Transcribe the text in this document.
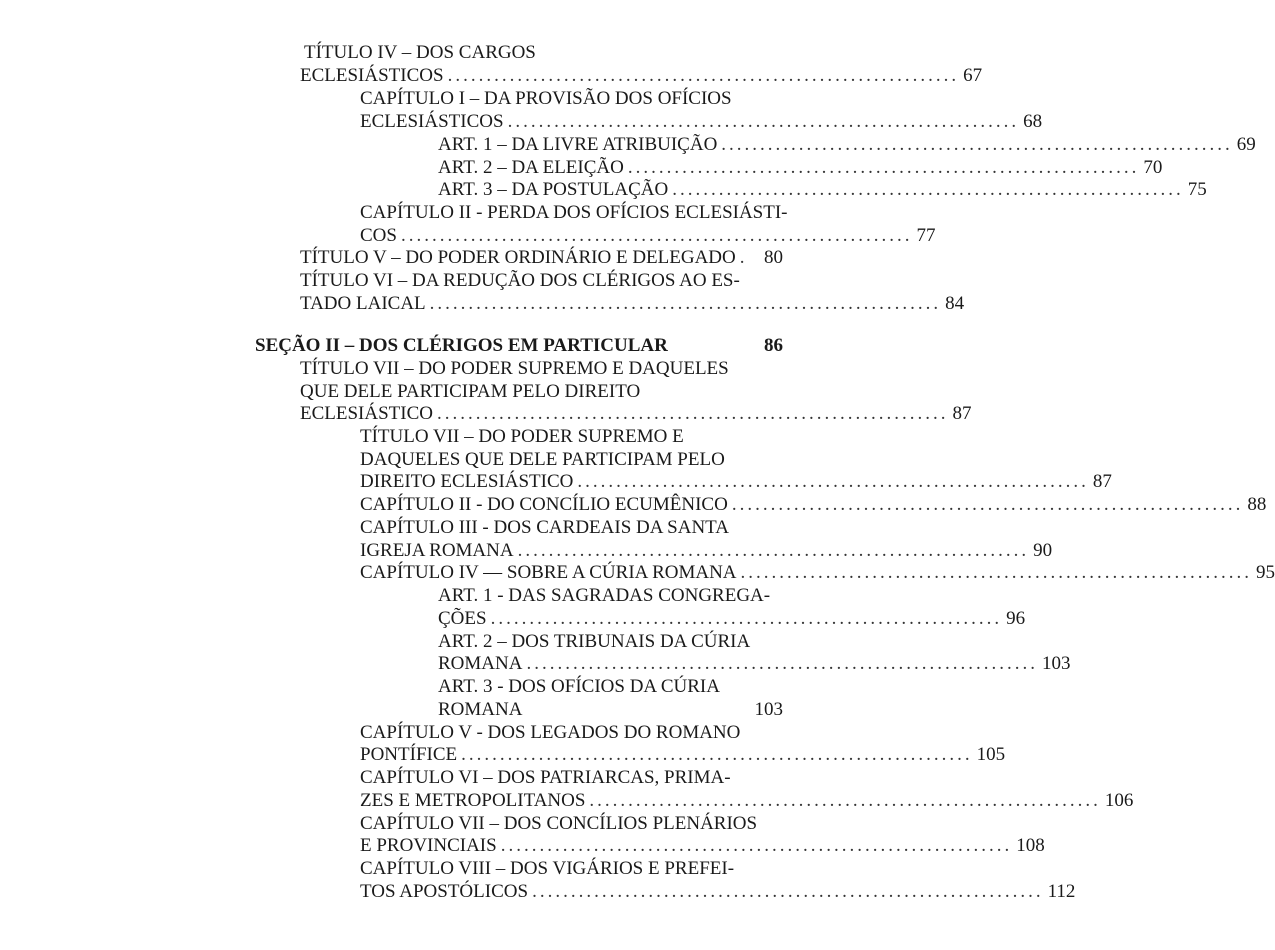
TÍTULO IV – DOS CARGOS
ECLESIÁSTICOS .................................................................. 67
CAPÍTULO I – DA PROVISÃO DOS OFÍCIOS
ECLESIÁSTICOS .................................................................. 68
ART. 1 – DA LIVRE ATRIBUIÇÃO .................................................................. 69
ART. 2 – DA ELEIÇÃO .................................................................. 70
ART. 3 – DA POSTULAÇÃO .................................................................. 75
CAPÍTULO II - PERDA DOS OFÍCIOS ECLESIÁSTI-
COS .................................................................. 77
TÍTULO V – DO PODER ORDINÁRIO E DELEGADO . 80
TÍTULO VI – DA REDUÇÃO DOS CLÉRIGOS AO ES-
TADO LAICAL .................................................................. 84
SEÇÃO II – DOS CLÉRIGOS EM PARTICULAR	86
TÍTULO VII – DO PODER SUPREMO E DAQUELES
QUE DELE PARTICIPAM PELO DIREITO
ECLESIÁSTICO .................................................................. 87
TÍTULO VII – DO PODER SUPREMO E
DAQUELES QUE DELE PARTICIPAM PELO
DIREITO ECLESIÁSTICO .................................................................. 87
CAPÍTULO II - DO CONCÍLIO ECUMÊNICO .................................................................. 88
CAPÍTULO III - DOS CARDEAIS DA SANTA
IGREJA ROMANA .................................................................. 90
CAPÍTULO IV — SOBRE A CÚRIA ROMANA .................................................................. 95
ART. 1 - DAS SAGRADAS CONGREGA-
ÇÕES .................................................................. 96
ART. 2 – DOS TRIBUNAIS DA CÚRIA
ROMANA .................................................................. 103
ART. 3 - DOS OFÍCIOS DA CÚRIA
ROMANA	103
CAPÍTULO V - DOS LEGADOS DO ROMANO
PONTÍFICE .................................................................. 105
CAPÍTULO VI – DOS PATRIARCAS, PRIMA-
ZES E METROPOLITANOS .................................................................. 106
CAPÍTULO VII – DOS CONCÍLIOS PLENÁRIOS
E PROVINCIAIS .................................................................. 108
CAPÍTULO VIII – DOS VIGÁRIOS E PREFEI-
TOS APOSTÓLICOS .................................................................. 112
